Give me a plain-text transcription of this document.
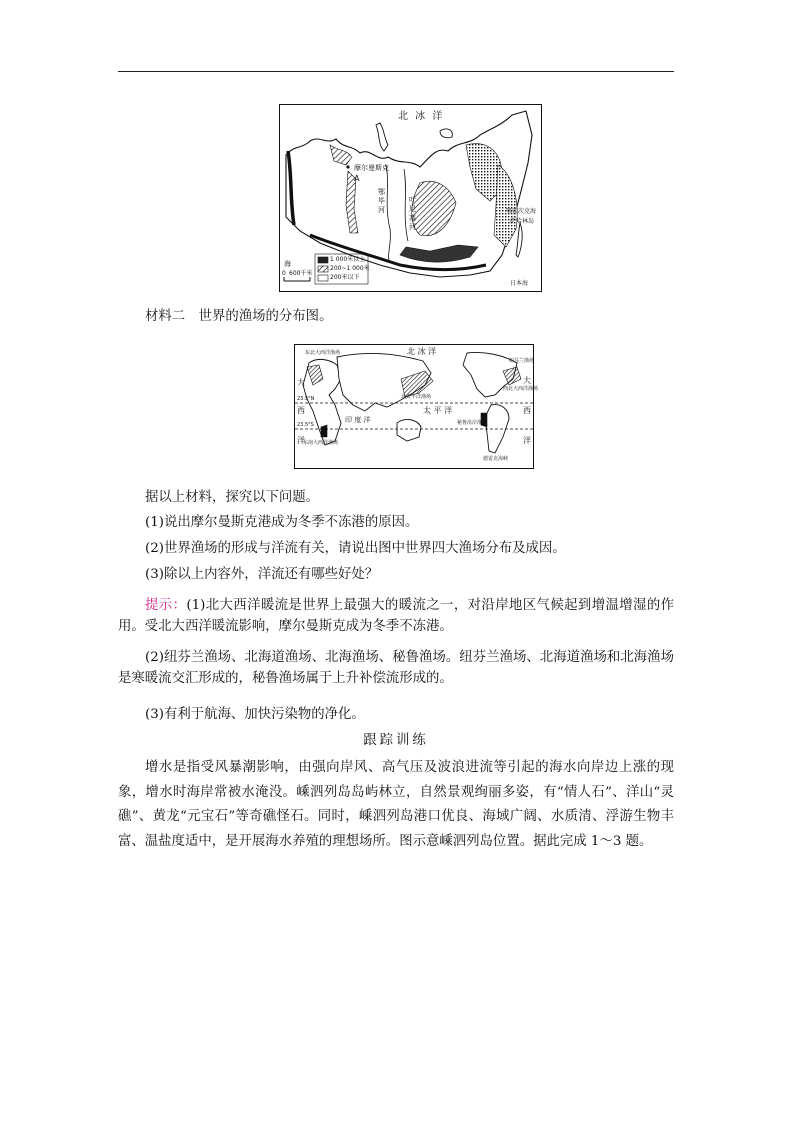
北 冰 洋
摩尔曼斯克
A
鄂
毕
河
叶
尼
塞
河
鄂霍次克海
萨哈林岛
日本海
海
1 000米以上
200~1 000米
200米以下
0 600千米
材料二　世界的渔场的分布图。
北 冰 洋
大
西
洋
东北大西洋渔场
23.5°N
23.5°S
北太平洋渔场
太 平 洋
印 度 洋
东南大西洋渔场
西北大西洋渔场
纽芬兰渔场
秘鲁沿岸渔场
德雷克海峡
大
西
洋
据以上材料，探究以下问题。
(1)说出摩尔曼斯克港成为冬季不冻港的原因。
(2)世界渔场的形成与洋流有关，请说出图中世界四大渔场分布及成因。
(3)除以上内容外，洋流还有哪些好处？
提示：(1)北大西洋暖流是世界上最强大的暖流之一，对沿岸地区气候起到增温增湿的作用。受北大西洋暖流影响，摩尔曼斯克成为冬季不冻港。
(2)纽芬兰渔场、北海道渔场、北海渔场、秘鲁渔场。纽芬兰渔场、北海道渔场和北海渔场是寒暖流交汇形成的，秘鲁渔场属于上升补偿流形成的。
(3)有利于航海、加快污染物的净化。
跟踪训练
增水是指受风暴潮影响，由强向岸风、高气压及波浪进流等引起的海水向岸边上涨的现象，增水时海岸常被水淹没。嵊泗列岛岛屿林立，自然景观绚丽多姿，有“情人石”、洋山“灵礁”、黄龙“元宝石”等奇礁怪石。同时，嵊泗列岛港口优良、海域广阔、水质清、浮游生物丰富、温盐度适中，是开展海水养殖的理想场所。图示意嵊泗列岛位置。据此完成 1～3 题。
